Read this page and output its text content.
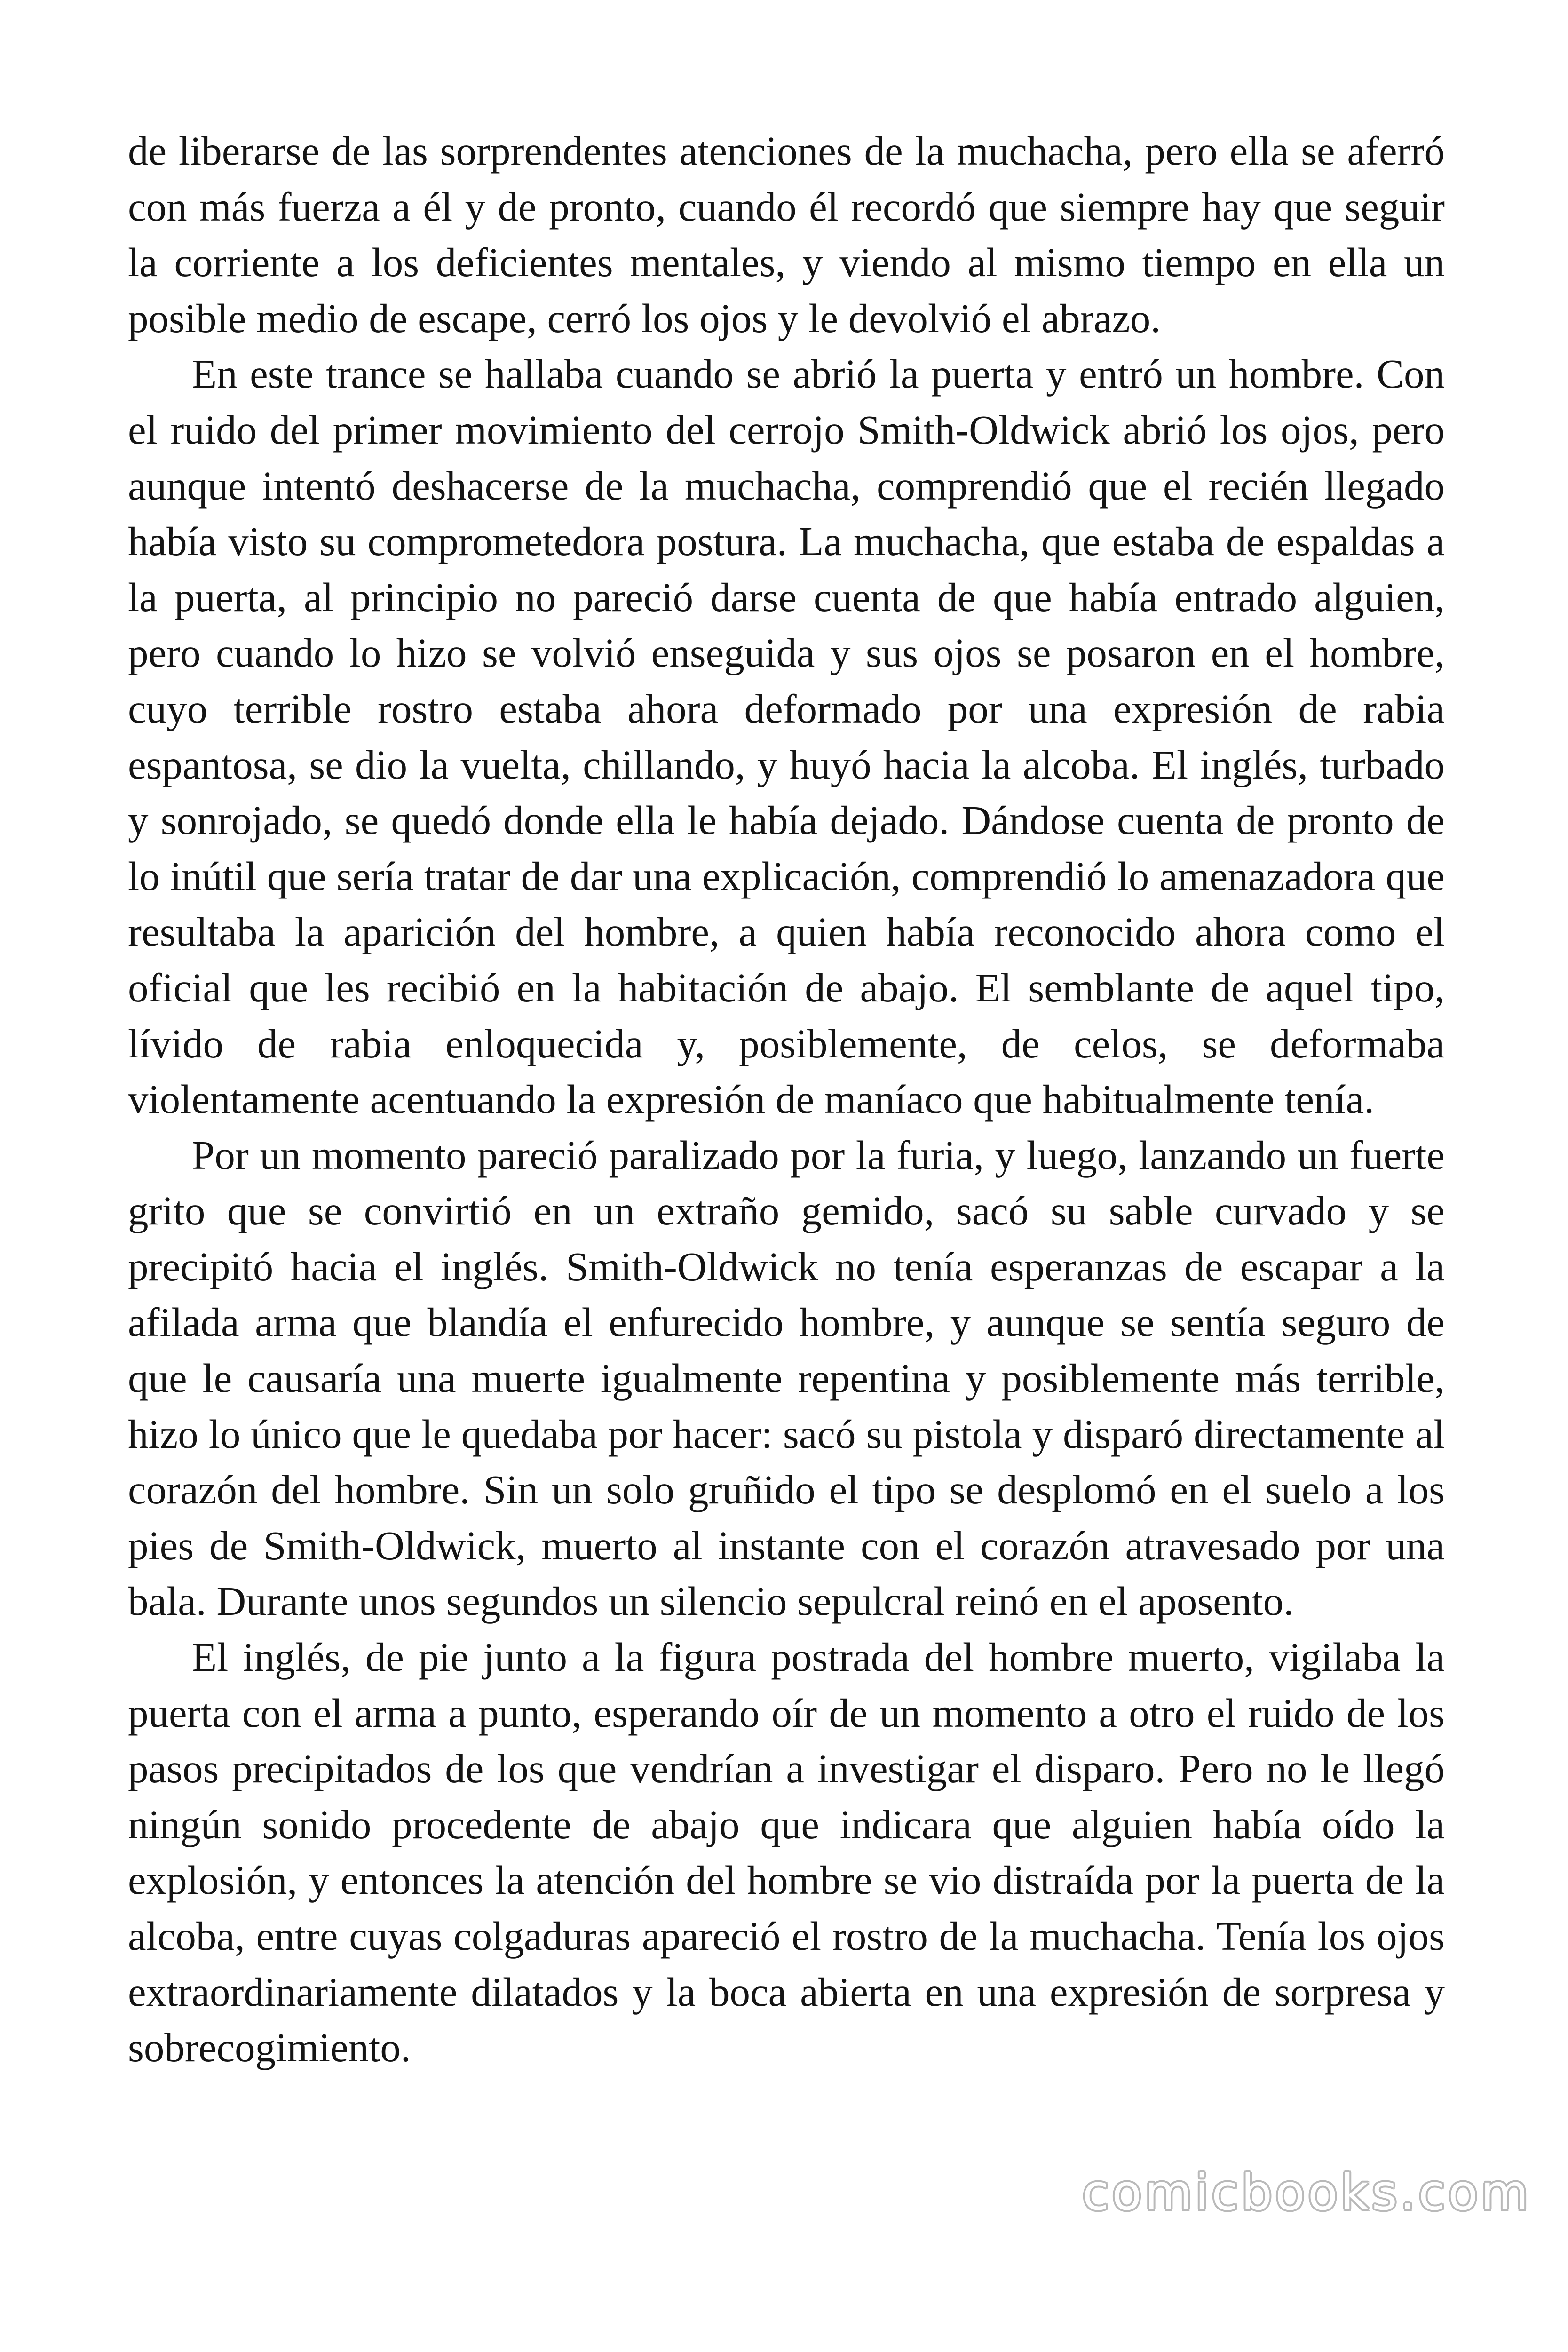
de liberarse de las sorprendentes atenciones de la muchacha, pero ella se aferró con más fuerza a él y de pronto, cuando él recordó que siempre hay que seguir la corriente a los deficientes mentales, y viendo al mismo tiempo en ella un posible medio de escape, cerró los ojos y le devolvió el abrazo.

En este trance se hallaba cuando se abrió la puerta y entró un hombre. Con el ruido del primer movimiento del cerrojo Smith-Oldwick abrió los ojos, pero aunque intentó deshacerse de la muchacha, comprendió que el recién llegado había visto su comprometedora postura. La muchacha, que estaba de espaldas a la puerta, al principio no pareció darse cuenta de que había entrado alguien, pero cuando lo hizo se volvió enseguida y sus ojos se posaron en el hombre, cuyo terrible rostro estaba ahora deformado por una expresión de rabia espantosa, se dio la vuelta, chillando, y huyó hacia la alcoba. El inglés, turbado y sonrojado, se quedó donde ella le había dejado. Dándose cuenta de pronto de lo inútil que sería tratar de dar una explicación, comprendió lo amenazadora que resultaba la aparición del hombre, a quien había reconocido ahora como el oficial que les recibió en la habitación de abajo. El semblante de aquel tipo, lívido de rabia enloquecida y, posiblemente, de celos, se deformaba violentamente acentuando la expresión de maníaco que habitualmente tenía.

Por un momento pareció paralizado por la furia, y luego, lanzando un fuerte grito que se convirtió en un extraño gemido, sacó su sable curvado y se precipitó hacia el inglés. Smith-Oldwick no tenía esperanzas de escapar a la afilada arma que blandía el enfurecido hombre, y aunque se sentía seguro de que le causaría una muerte igualmente repentina y posiblemente más terrible, hizo lo único que le quedaba por hacer: sacó su pistola y disparó directamente al corazón del hombre. Sin un solo gruñido el tipo se desplomó en el suelo a los pies de Smith-Oldwick, muerto al instante con el corazón atravesado por una bala. Durante unos segundos un silencio sepulcral reinó en el aposento.

El inglés, de pie junto a la figura postrada del hombre muerto, vigilaba la puerta con el arma a punto, esperando oír de un momento a otro el ruido de los pasos precipitados de los que vendrían a investigar el disparo. Pero no le llegó ningún sonido procedente de abajo que indicara que alguien había oído la explosión, y entonces la atención del hombre se vio distraída por la puerta de la alcoba, entre cuyas colgaduras apareció el rostro de la muchacha. Tenía los ojos extraordinariamente dilatados y la boca abierta en una expresión de sorpresa y sobrecogimiento.

comicbooks.com
